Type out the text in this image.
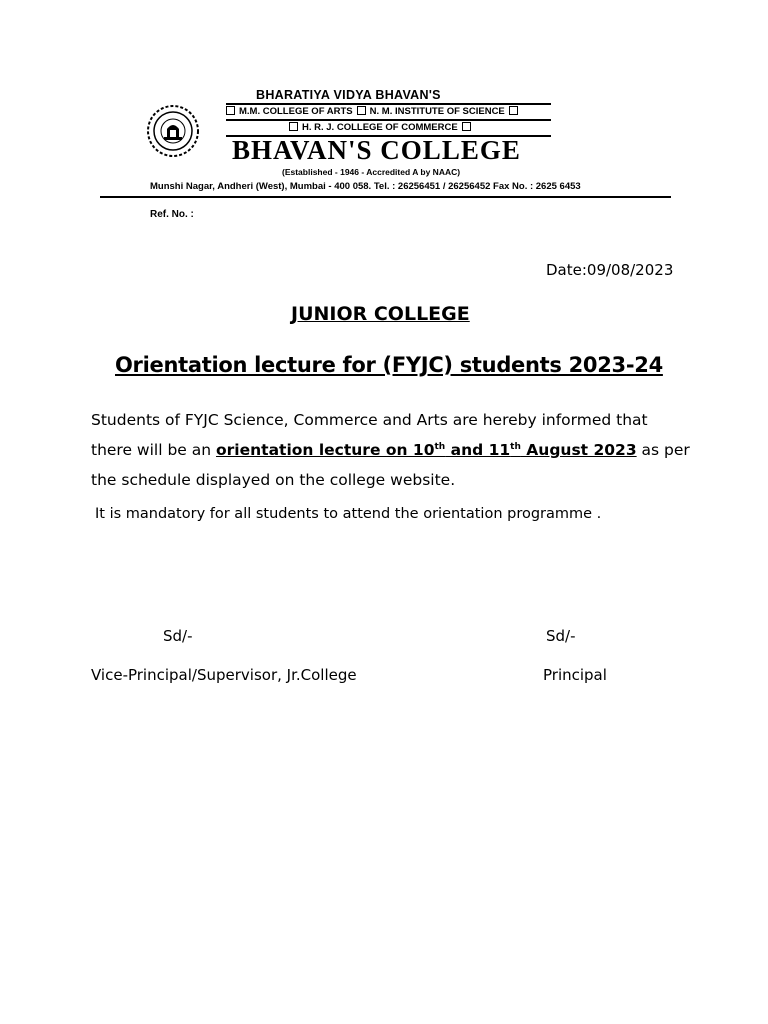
BHARATIYA VIDYA BHAVAN'S
M.M. COLLEGE OF ARTS N. M. INSTITUTE OF SCIENCE
H. R. J. COLLEGE OF COMMERCE
BHAVAN'S COLLEGE
(Established - 1946 - Accredited A by NAAC)
Munshi Nagar, Andheri (West), Mumbai - 400 058. Tel. : 26256451 / 26256452 Fax No. : 2625 6453
Ref. No. :
Date:09/08/2023
JUNIOR COLLEGE
Orientation lecture for (FYJC) students 2023-24
Students of FYJC Science, Commerce and Arts are hereby informed that
there will be an orientation lecture on 10th and 11th August 2023 as per
the schedule displayed on the college website.
It is mandatory for all students to attend the orientation programme .
Sd/-
Vice-Principal/Supervisor, Jr.College
Sd/-
Principal
